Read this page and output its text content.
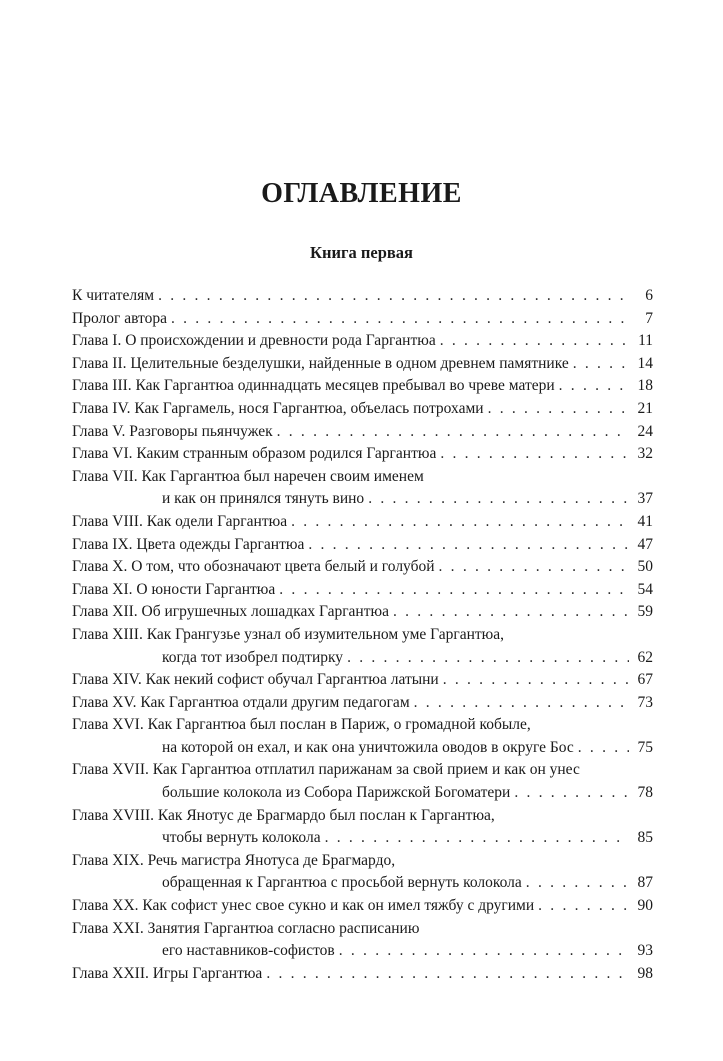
ОГЛАВЛЕНИЕ
Книга первая
К читателям . . .	6
Пролог автора . . .	7
Глава I. О происхождении и древности рода Гаргантюа . . .	11
Глава II. Целительные безделушки, найденные в одном древнем памятнике . . .	14
Глава III. Как Гаргантюа одиннадцать месяцев пребывал во чреве матери . . .	18
Глава IV. Как Гаргамель, нося Гаргантюа, объелась потрохами . . .	21
Глава V. Разговоры пьянчужек . . .	24
Глава VI. Каким странным образом родился Гаргантюа . . .	32
Глава VII. Как Гаргантюа был наречен своим именем
и как он принялся тянуть вино . . .	37
Глава VIII. Как одели Гаргантюа . . .	41
Глава IX. Цвета одежды Гаргантюа . . .	47
Глава X. О том, что обозначают цвета белый и голубой . . .	50
Глава XI. О юности Гаргантюа . . .	54
Глава XII. Об игрушечных лошадках Гаргантюа . . .	59
Глава XIII. Как Грангузье узнал об изумительном уме Гаргантюа,
когда тот изобрел подтирку . . .	62
Глава XIV. Как некий софист обучал Гаргантюа латыни . . .	67
Глава XV. Как Гаргантюа отдали другим педагогам . . .	73
Глава XVI. Как Гаргантюа был послан в Париж, о громадной кобыле,
на которой он ехал, и как она уничтожила оводов в округе Бос . . .	75
Глава XVII. Как Гаргантюа отплатил парижанам за свой прием и как он унес
большие колокола из Собора Парижской Богоматери . . .	78
Глава XVIII. Как Янотус де Брагмардо был послан к Гаргантюа,
чтобы вернуть колокола . . .	85
Глава XIX. Речь магистра Янотуса де Брагмардо,
обращенная к Гаргантюа с просьбой вернуть колокола . . .	87
Глава XX. Как софист унес свое сукно и как он имел тяжбу с другими . . .	90
Глава XXI. Занятия Гаргантюа согласно расписанию
его наставников-софистов . . .	93
Глава XXII. Игры Гаргантюа . . .	98
